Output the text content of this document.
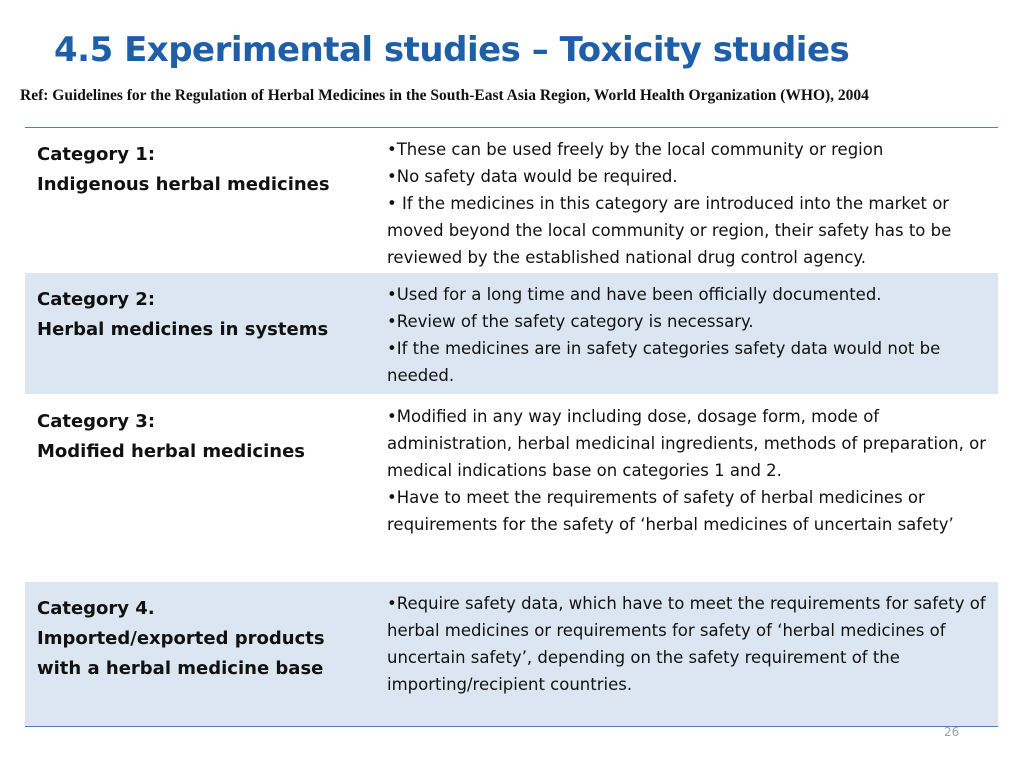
4.5 Experimental studies – Toxicity studies
Ref: Guidelines for the Regulation of Herbal Medicines in the South-East Asia Region, World Health Organization (WHO), 2004
Category 1:
Indigenous herbal medicines
•These can be used freely by the local community or region
•No safety data would be required.
• If the medicines in this category are introduced into the market or moved beyond the local community or region, their safety has to be reviewed by the established national drug control agency.
Category 2:
Herbal medicines in systems
•Used for a long time and have been officially documented.
•Review of the safety category is necessary.
•If the medicines are in safety categories safety data would not be needed.
Category 3:
Modified herbal medicines
•Modified in any way including dose, dosage form, mode of administration, herbal medicinal ingredients, methods of preparation, or medical indications base on categories 1 and 2.
•Have to meet the requirements of safety of herbal medicines or requirements for the safety of ‘herbal medicines of uncertain safety’
Category 4.
Imported/exported products
with a herbal medicine base
•Require safety data, which have to meet the requirements for safety of herbal medicines or requirements for safety of ‘herbal medicines of uncertain safety’, depending on the safety requirement of the importing/recipient countries.
26
